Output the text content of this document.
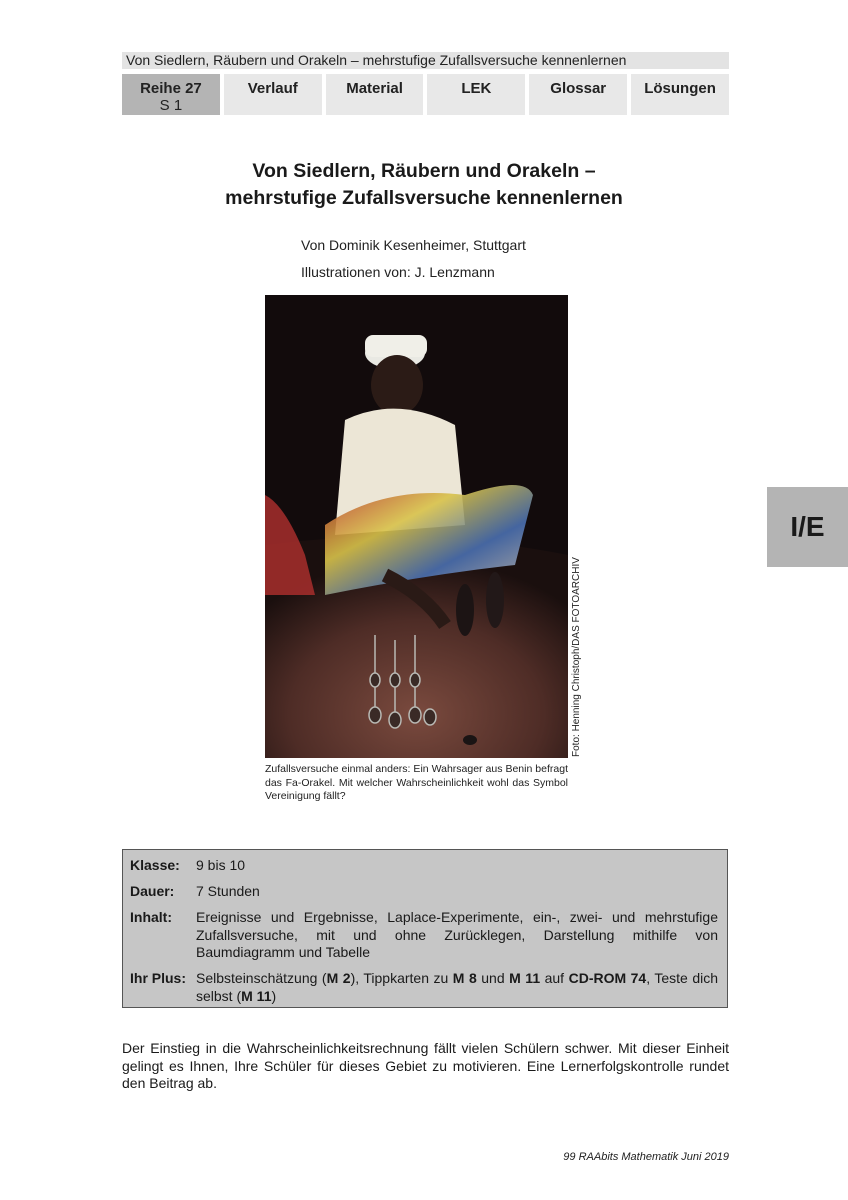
Von Siedlern, Räubern und Orakeln – mehrstufige Zufallsversuche kennenlernen
Reihe 27
S 1
Verlauf	Material	LEK	Glossar	Lösungen
Von Siedlern, Räubern und Orakeln –
mehrstufige Zufallsversuche kennenlernen
Von Dominik Kesenheimer, Stuttgart
Illustrationen von: J. Lenzmann
Foto: Henning Christoph/DAS FOTOARCHIV
Zufallsversuche einmal anders: Ein Wahrsager aus Benin befragt das Fa-Orakel. Mit welcher Wahrscheinlichkeit wohl das Symbol Vereinigung fällt?
I/E
Klasse: 9 bis 10
Dauer: 7 Stunden
Inhalt: Ereignisse und Ergebnisse, Laplace-Experimente, ein-, zwei- und mehrstufige Zufallsversuche, mit und ohne Zurücklegen, Darstellung mithilfe von Baumdiagramm und Tabelle
Ihr Plus: Selbsteinschätzung (M 2), Tippkarten zu M 8 und M 11 auf CD-ROM 74, Teste dich selbst (M 11)

Der Einstieg in die Wahrscheinlichkeitsrechnung fällt vielen Schülern schwer. Mit dieser Einheit gelingt es Ihnen, Ihre Schüler für dieses Gebiet zu motivieren. Eine Lernerfolgskontrolle rundet den Beitrag ab.

99 RAAbits Mathematik Juni 2019
